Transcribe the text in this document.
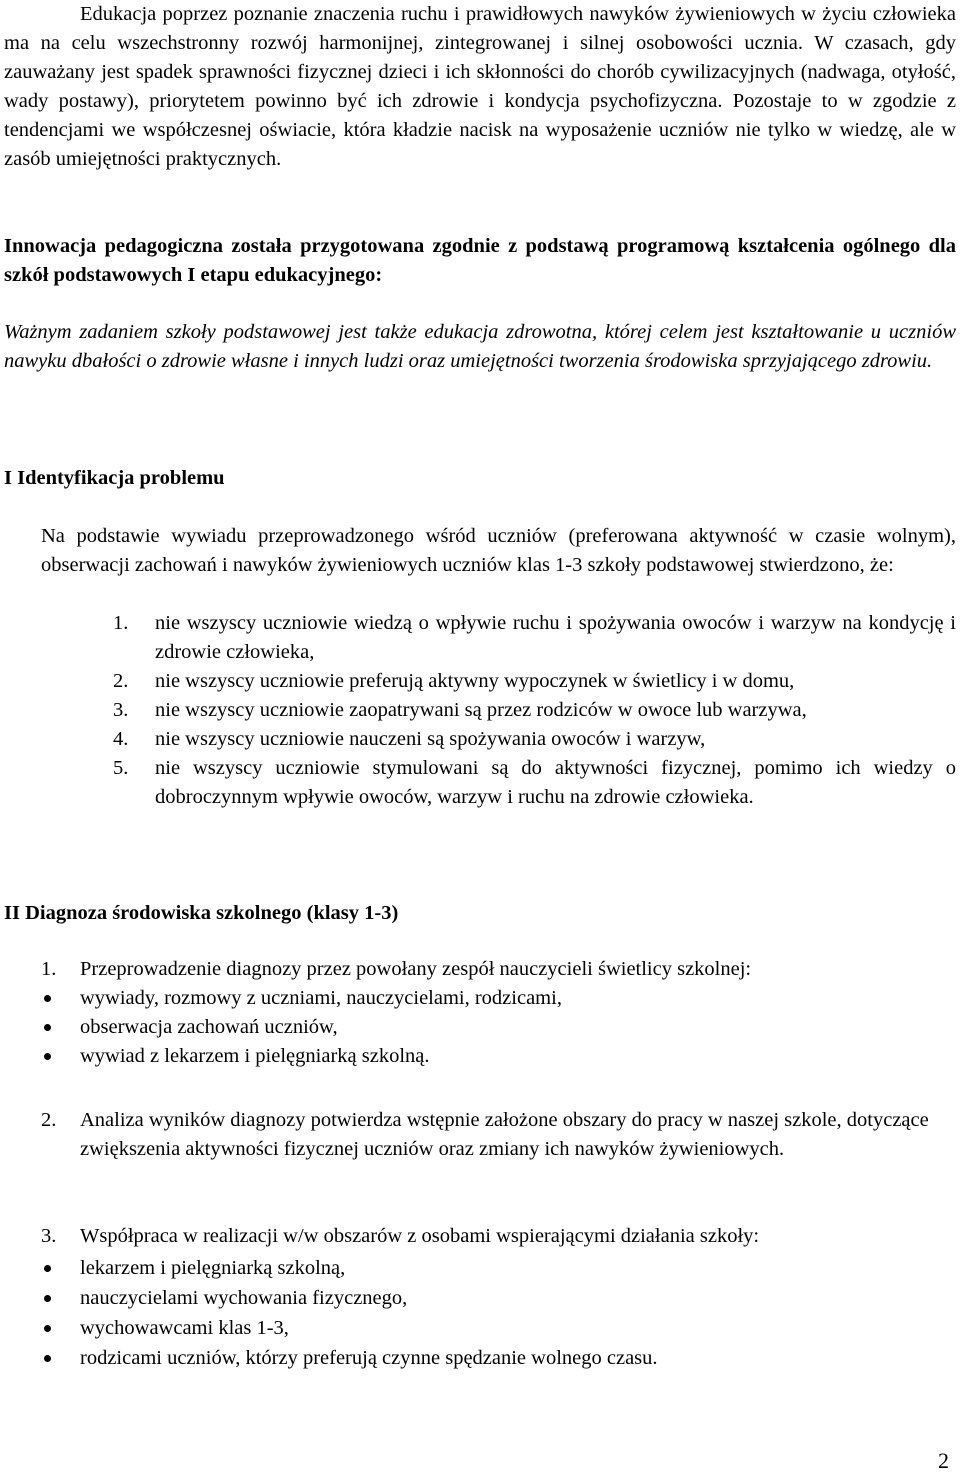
Edukacja poprzez poznanie znaczenia ruchu i prawidłowych nawyków żywieniowych w życiu człowieka ma na celu wszechstronny rozwój harmonijnej, zintegrowanej i silnej osobowości ucznia. W czasach, gdy zauważany jest spadek sprawności fizycznej dzieci i ich skłonności do chorób cywilizacyjnych (nadwaga, otyłość, wady postawy), priorytetem powinno być ich zdrowie i kondycja psychofizyczna. Pozostaje to w zgodzie z tendencjami we współczesnej oświacie, która kładzie nacisk na wyposażenie uczniów nie tylko w wiedzę, ale w zasób umiejętności praktycznych.
Innowacja pedagogiczna została przygotowana zgodnie z podstawą programową kształcenia ogólnego dla szkół podstawowych I etapu edukacyjnego:
Ważnym zadaniem szkoły podstawowej jest także edukacja zdrowotna, której celem jest kształtowanie u uczniów nawyku dbałości o zdrowie własne i innych ludzi oraz umiejętności tworzenia środowiska sprzyjającego zdrowiu.
I Identyfikacja problemu
Na podstawie wywiadu przeprowadzonego wśród uczniów (preferowana aktywność w czasie wolnym), obserwacji zachowań i nawyków żywieniowych uczniów klas 1-3 szkoły podstawowej stwierdzono, że:
1.	nie wszyscy uczniowie wiedzą o wpływie ruchu i spożywania owoców i warzyw na kondycję i zdrowie człowieka,
2.	nie wszyscy uczniowie preferują aktywny wypoczynek w świetlicy i w domu,
3.	nie wszyscy uczniowie zaopatrywani są przez rodziców w owoce lub warzywa,
4.	nie wszyscy uczniowie nauczeni są spożywania owoców i warzyw,
5.	nie wszyscy uczniowie stymulowani są do aktywności fizycznej, pomimo ich wiedzy o dobroczynnym wpływie owoców, warzyw i ruchu na zdrowie człowieka.
II Diagnoza środowiska szkolnego (klasy 1-3)
1.	Przeprowadzenie diagnozy przez powołany zespół nauczycieli świetlicy szkolnej:
wywiady, rozmowy z uczniami, nauczycielami, rodzicami,
obserwacja zachowań uczniów,
wywiad z lekarzem i pielęgniarką szkolną.
2.	Analiza wyników diagnozy potwierdza wstępnie założone obszary do pracy w naszej szkole, dotyczące zwiększenia aktywności fizycznej uczniów oraz zmiany ich nawyków żywieniowych.
3.	Współpraca w realizacji w/w obszarów z osobami wspierającymi działania szkoły:
lekarzem i pielęgniarką szkolną,
nauczycielami wychowania fizycznego,
wychowawcami klas 1-3,
rodzicami uczniów, którzy preferują czynne spędzanie wolnego czasu.
2
